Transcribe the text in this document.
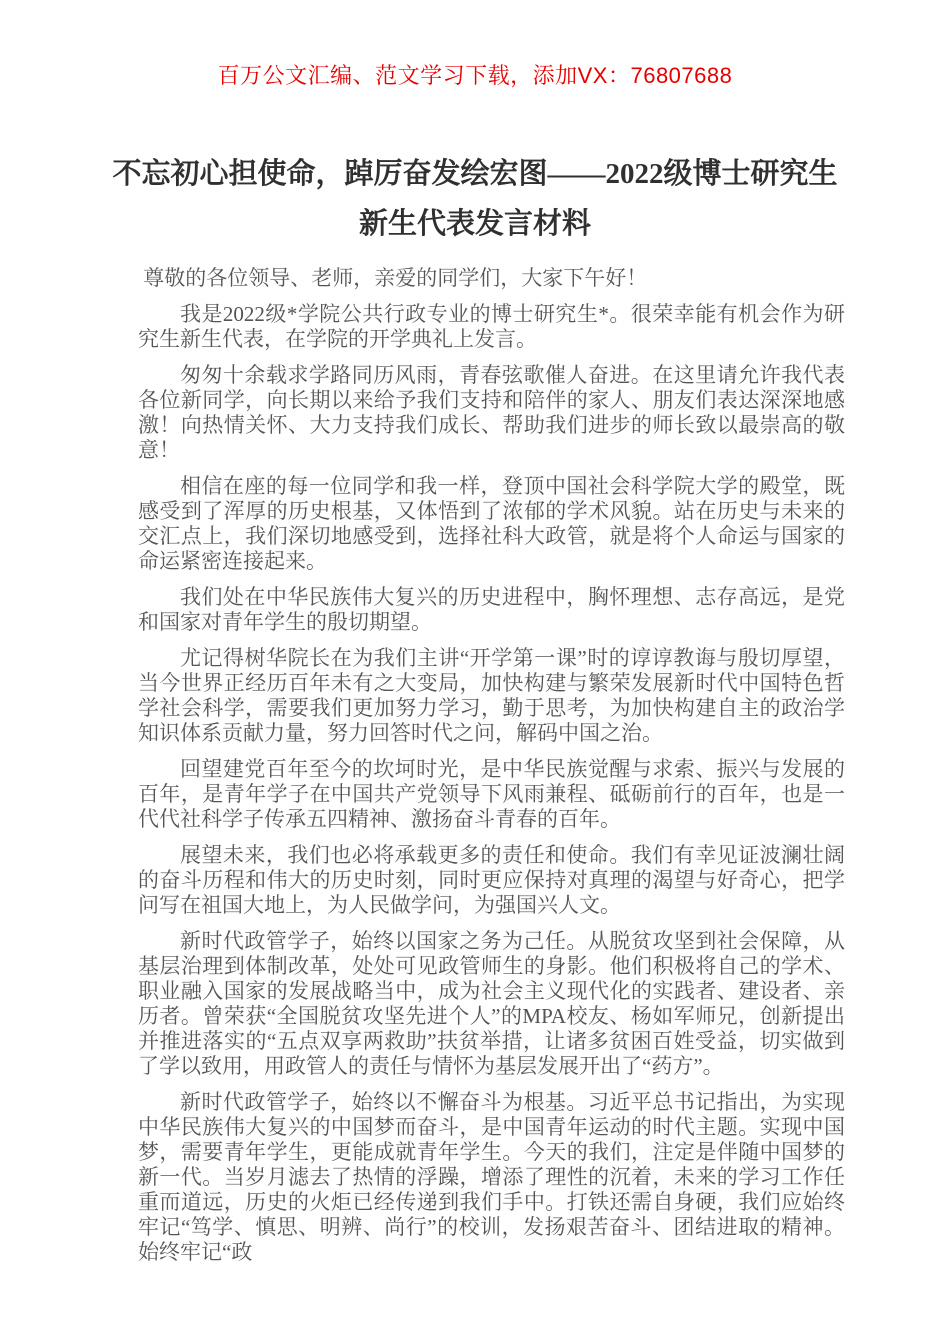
百万公文汇编、范文学习下载，添加VX：76807688
不忘初心担使命，踔厉奋发绘宏图——2022级博士研究生新生代表发言材料

尊敬的各位领导、老师，亲爱的同学们，大家下午好！

我是2022级*学院公共行政专业的博士研究生*。很荣幸能有机会作为研究生新生代表，在学院的开学典礼上发言。

匆匆十余载求学路同历风雨，青春弦歌催人奋进。在这里请允许我代表各位新同学，向长期以来给予我们支持和陪伴的家人、朋友们表达深深地感激！向热情关怀、大力支持我们成长、帮助我们进步的师长致以最崇高的敬意！

相信在座的每一位同学和我一样，登顶中国社会科学院大学的殿堂，既感受到了浑厚的历史根基，又体悟到了浓郁的学术风貌。站在历史与未来的交汇点上，我们深切地感受到，选择社科大政管，就是将个人命运与国家的命运紧密连接起来。

我们处在中华民族伟大复兴的历史进程中，胸怀理想、志存高远，是党和国家对青年学生的殷切期望。

尤记得树华院长在为我们主讲“开学第一课”时的谆谆教诲与殷切厚望，当今世界正经历百年未有之大变局，加快构建与繁荣发展新时代中国特色哲学社会科学，需要我们更加努力学习，勤于思考，为加快构建自主的政治学知识体系贡献力量，努力回答时代之问，解码中国之治。

回望建党百年至今的坎坷时光，是中华民族觉醒与求索、振兴与发展的百年，是青年学子在中国共产党领导下风雨兼程、砥砺前行的百年，也是一代代社科学子传承五四精神、激扬奋斗青春的百年。

展望未来，我们也必将承载更多的责任和使命。我们有幸见证波澜壮阔的奋斗历程和伟大的历史时刻，同时更应保持对真理的渴望与好奇心，把学问写在祖国大地上，为人民做学问，为强国兴人文。

新时代政管学子，始终以国家之务为己任。从脱贫攻坚到社会保障，从基层治理到体制改革，处处可见政管师生的身影。他们积极将自己的学术、职业融入国家的发展战略当中，成为社会主义现代化的实践者、建设者、亲历者。曾荣获“全国脱贫攻坚先进个人”的MPA校友、杨如军师兄，创新提出并推进落实的“五点双享两救助”扶贫举措，让诸多贫困百姓受益，切实做到了学以致用，用政管人的责任与情怀为基层发展开出了“药方”。

新时代政管学子，始终以不懈奋斗为根基。习近平总书记指出，为实现中华民族伟大复兴的中国梦而奋斗，是中国青年运动的时代主题。实现中国梦，需要青年学生，更能成就青年学生。今天的我们，注定是伴随中国梦的新一代。当岁月滤去了热情的浮躁，增添了理性的沉着，未来的学习工作任重而道远，历史的火炬已经传递到我们手中。打铁还需自身硬，我们应始终牢记“笃学、慎思、明辨、尚行”的校训，发扬艰苦奋斗、团结进取的精神。始终牢记“政
